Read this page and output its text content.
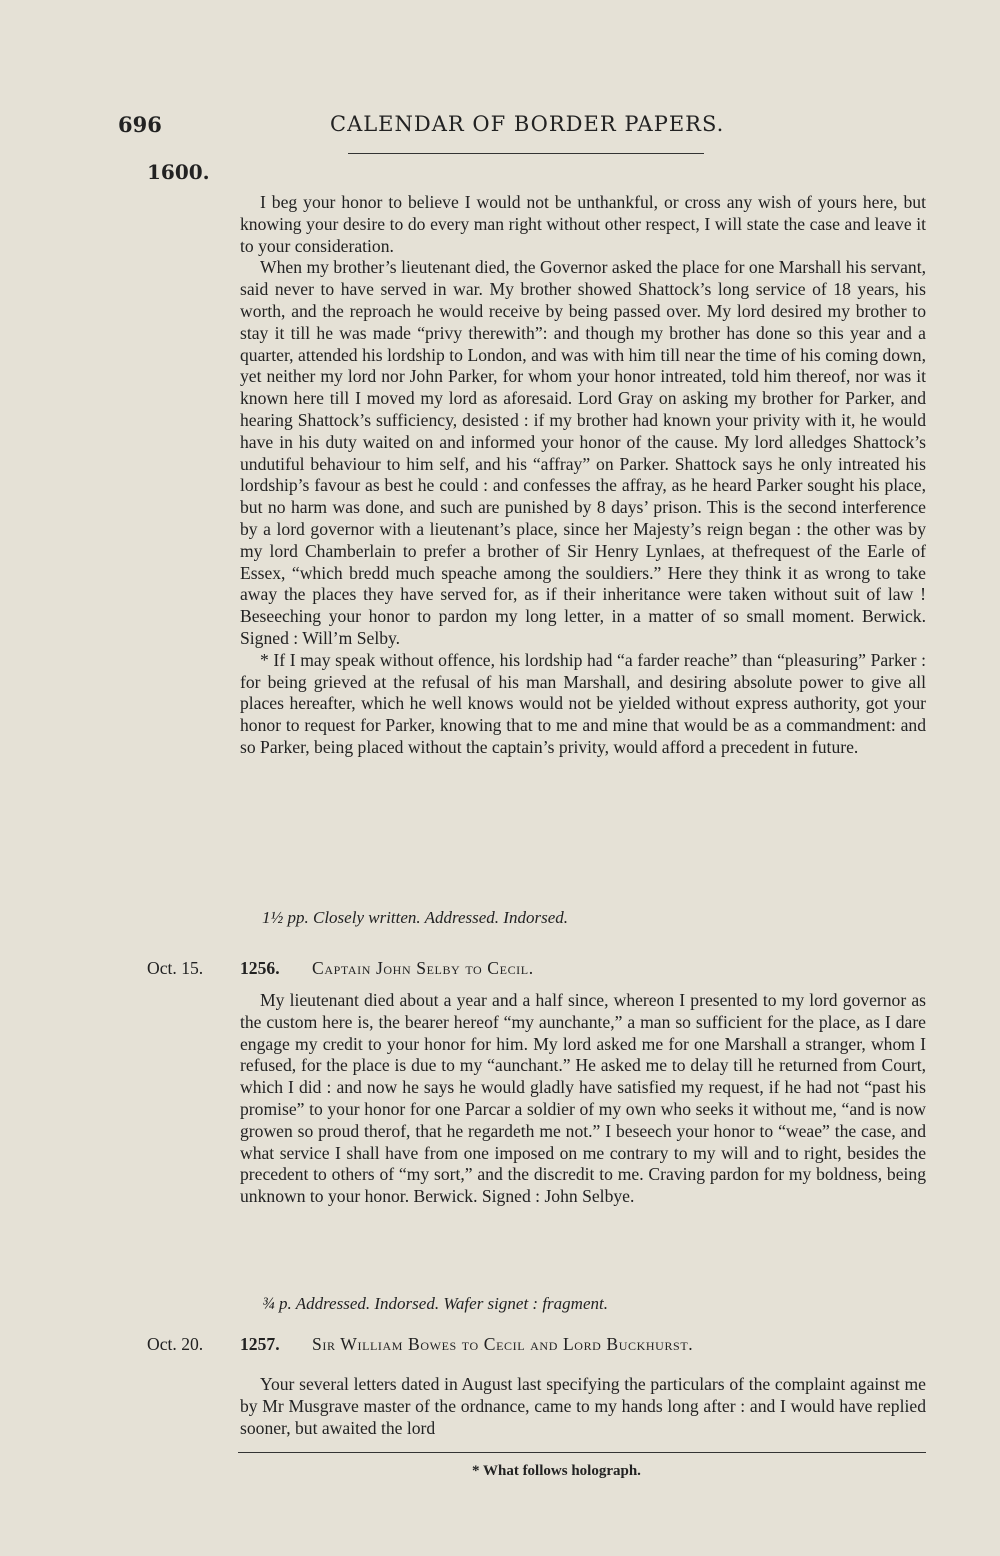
696	CALENDAR OF BORDER PAPERS.
1600.

I beg your honor to believe I would not be unthankful, or cross any wish of yours here, but knowing your desire to do every man right without other respect, I will state the case and leave it to your consideration.

When my brother’s lieutenant died, the Governor asked the place for one Marshall his servant, said never to have served in war. My brother showed Shattock’s long service of 18 years, his worth, and the reproach he would receive by being passed over. My lord desired my brother to stay it till he was made “privy therewith”: and though my brother has done so this year and a quarter, attended his lordship to London, and was with him till near the time of his coming down, yet neither my lord nor John Parker, for whom your honor intreated, told him thereof, nor was it known here till I moved my lord as aforesaid. Lord Gray on asking my brother for Parker, and hearing Shattock’s sufficiency, desisted : if my brother had known your privity with it, he would have in his duty waited on and informed your honor of the cause. My lord alledges Shattock’s undutiful behaviour to him self, and his “affray” on Parker. Shattock says he only intreated his lordship’s favour as best he could : and confesses the affray, as he heard Parker sought his place, but no harm was done, and such are punished by 8 days’ prison. This is the second interference by a lord governor with a lieutenant’s place, since her Majesty’s reign began : the other was by my lord Chamberlain to prefer a brother of Sir Henry Lynlaes, at thefrequest of the Earle of Essex, “which bredd much speache among the souldiers.” Here they think it as wrong to take away the places they have served for, as if their inheritance were taken without suit of law ! Beseeching your honor to pardon my long letter, in a matter of so small moment. Berwick. Signed : Will’m Selby.

* If I may speak without offence, his lordship had “a farder reache” than “pleasuring” Parker : for being grieved at the refusal of his man Marshall, and desiring absolute power to give all places hereafter, which he well knows would not be yielded without express authority, got your honor to request for Parker, knowing that to me and mine that would be as a commandment: and so Parker, being placed without the captain’s privity, would afford a precedent in future.

1½ pp. Closely written. Addressed. Indorsed.
Oct. 15.	1256. Captain John Selby to Cecil.

My lieutenant died about a year and a half since, whereon I presented to my lord governor as the custom here is, the bearer hereof “my aunchante,” a man so sufficient for the place, as I dare engage my credit to your honor for him. My lord asked me for one Marshall a stranger, whom I refused, for the place is due to my “aunchant.” He asked me to delay till he returned from Court, which I did : and now he says he would gladly have satisfied my request, if he had not “past his promise” to your honor for one Parcar a soldier of my own who seeks it without me, “and is now growen so proud therof, that he regardeth me not.” I beseech your honor to “weae” the case, and what service I shall have from one imposed on me contrary to my will and to right, besides the precedent to others of “my sort,” and the discredit to me. Craving pardon for my boldness, being unknown to your honor. Berwick. Signed : John Selbye.

¾ p. Addressed. Indorsed. Wafer signet : fragment.
Oct. 20.	1257. Sir William Bowes to Cecil and Lord Buckhurst.

Your several letters dated in August last specifying the particulars of the complaint against me by Mr Musgrave master of the ordnance, came to my hands long after : and I would have replied sooner, but awaited the lord

* What follows holograph.
